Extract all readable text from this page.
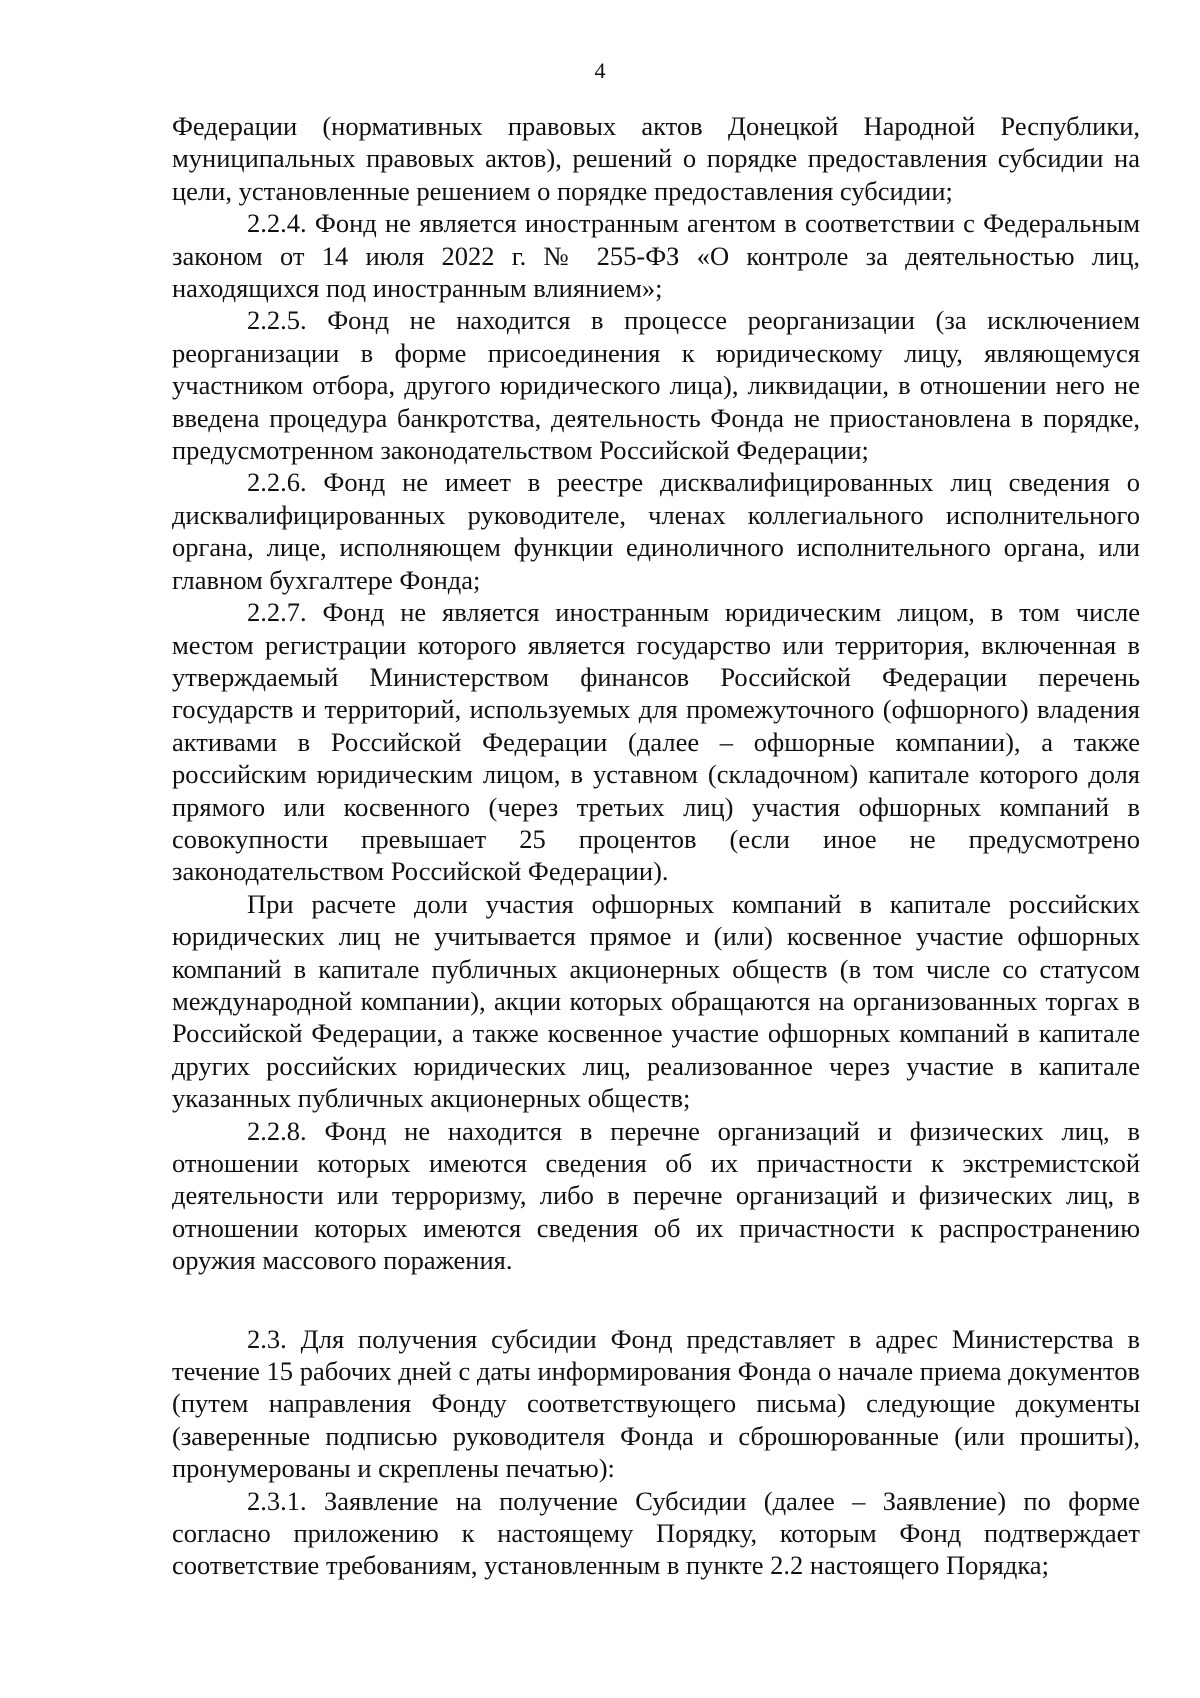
4

Федерации (нормативных правовых актов Донецкой Народной Республики, муниципальных правовых актов), решений о порядке предоставления субсидии на цели, установленные решением о порядке предоставления субсидии;

2.2.4. Фонд не является иностранным агентом в соответствии с Федеральным законом от 14 июля 2022 г. № 255-ФЗ «О контроле за деятельностью лиц, находящихся под иностранным влиянием»;

2.2.5. Фонд не находится в процессе реорганизации (за исключением реорганизации в форме присоединения к юридическому лицу, являющемуся участником отбора, другого юридического лица), ликвидации, в отношении него не введена процедура банкротства, деятельность Фонда не приостановлена в порядке, предусмотренном законодательством Российской Федерации;

2.2.6. Фонд не имеет в реестре дисквалифицированных лиц сведения о дисквалифицированных руководителе, членах коллегиального исполнительного органа, лице, исполняющем функции единоличного исполнительного органа, или главном бухгалтере Фонда;

2.2.7. Фонд не является иностранным юридическим лицом, в том числе местом регистрации которого является государство или территория, включенная в утверждаемый Министерством финансов Российской Федерации перечень государств и территорий, используемых для промежуточного (офшорного) владения активами в Российской Федерации (далее – офшорные компании), а также российским юридическим лицом, в уставном (складочном) капитале которого доля прямого или косвенного (через третьих лиц) участия офшорных компаний в совокупности превышает 25 процентов (если иное не предусмотрено законодательством Российской Федерации).

При расчете доли участия офшорных компаний в капитале российских юридических лиц не учитывается прямое и (или) косвенное участие офшорных компаний в капитале публичных акционерных обществ (в том числе со статусом международной компании), акции которых обращаются на организованных торгах в Российской Федерации, а также косвенное участие офшорных компаний в капитале других российских юридических лиц, реализованное через участие в капитале указанных публичных акционерных обществ;

2.2.8. Фонд не находится в перечне организаций и физических лиц, в отношении которых имеются сведения об их причастности к экстремистской деятельности или терроризму, либо в перечне организаций и физических лиц, в отношении которых имеются сведения об их причастности к распространению оружия массового поражения.

2.3. Для получения субсидии Фонд представляет в адрес Министерства в течение 15 рабочих дней с даты информирования Фонда о начале приема документов (путем направления Фонду соответствующего письма) следующие документы (заверенные подписью руководителя Фонда и сброшюрованные (или прошиты), пронумерованы и скреплены печатью):

2.3.1. Заявление на получение Субсидии (далее – Заявление) по форме согласно приложению к настоящему Порядку, которым Фонд подтверждает соответствие требованиям, установленным в пункте 2.2 настоящего Порядка;
